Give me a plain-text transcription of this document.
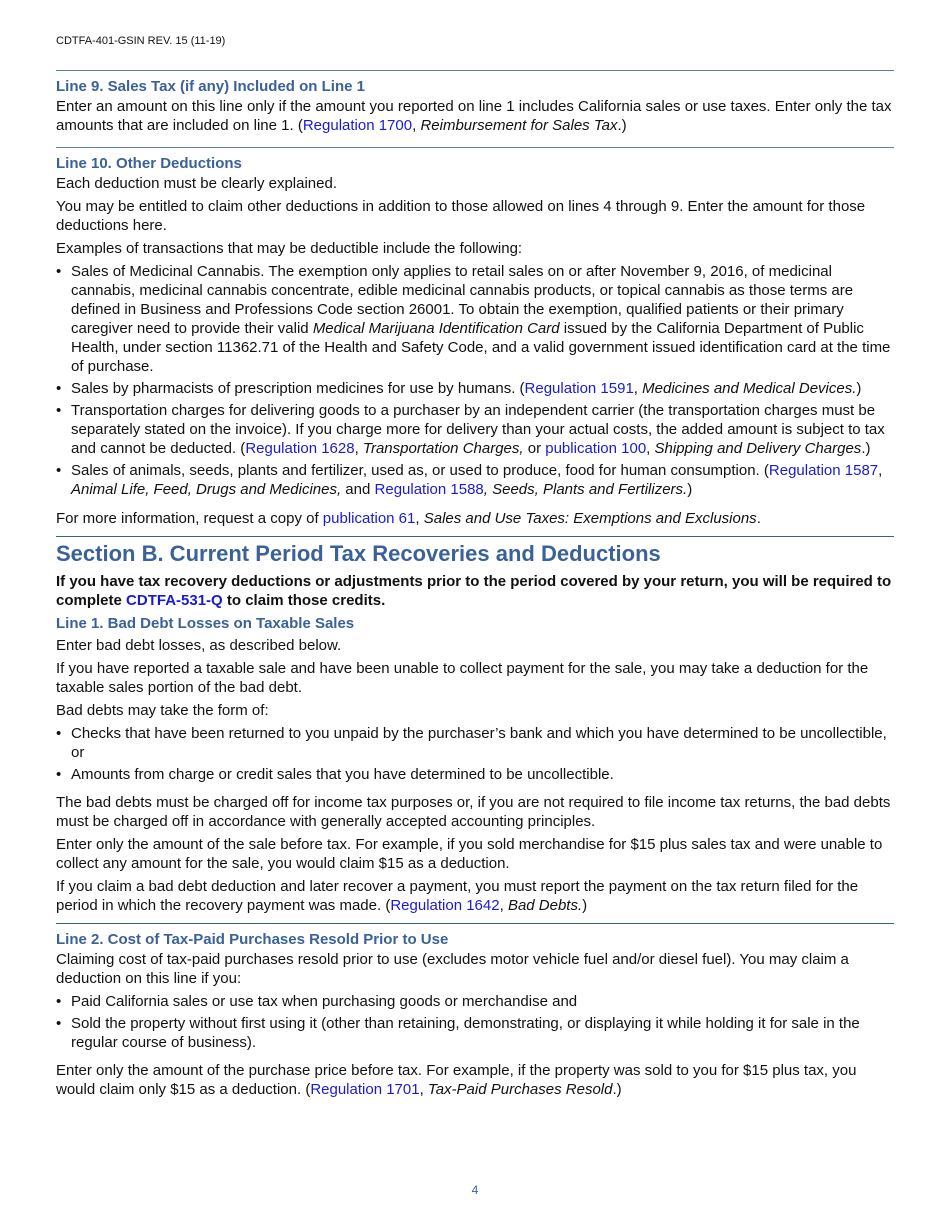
CDTFA-401-GSIN REV. 15 (11-19)
Line 9. Sales Tax (if any) Included on Line 1

Enter an amount on this line only if the amount you reported on line 1 includes California sales or use taxes. Enter only the tax amounts that are included on line 1. (Regulation 1700, Reimbursement for Sales Tax.)

Line 10. Other Deductions

Each deduction must be clearly explained.

You may be entitled to claim other deductions in addition to those allowed on lines 4 through 9. Enter the amount for those deductions here.

Examples of transactions that may be deductible include the following:

• Sales of Medicinal Cannabis. The exemption only applies to retail sales on or after November 9, 2016, of medicinal cannabis, medicinal cannabis concentrate, edible medicinal cannabis products, or topical cannabis as those terms are defined in Business and Professions Code section 26001. To obtain the exemption, qualified patients or their primary caregiver need to provide their valid Medical Marijuana Identification Card issued by the California Department of Public Health, under section 11362.71 of the Health and Safety Code, and a valid government issued identification card at the time of purchase.
• Sales by pharmacists of prescription medicines for use by humans. (Regulation 1591, Medicines and Medical Devices.)
• Transportation charges for delivering goods to a purchaser by an independent carrier (the transportation charges must be separately stated on the invoice). If you charge more for delivery than your actual costs, the added amount is subject to tax and cannot be deducted. (Regulation 1628, Transportation Charges, or publication 100, Shipping and Delivery Charges.)
• Sales of animals, seeds, plants and fertilizer, used as, or used to produce, food for human consumption. (Regulation 1587, Animal Life, Feed, Drugs and Medicines, and Regulation 1588, Seeds, Plants and Fertilizers.)

For more information, request a copy of publication 61, Sales and Use Taxes: Exemptions and Exclusions.

Section B. Current Period Tax Recoveries and Deductions

If you have tax recovery deductions or adjustments prior to the period covered by your return, you will be required to complete CDTFA-531-Q to claim those credits.

Line 1. Bad Debt Losses on Taxable Sales

Enter bad debt losses, as described below.

If you have reported a taxable sale and have been unable to collect payment for the sale, you may take a deduction for the taxable sales portion of the bad debt.

Bad debts may take the form of:

• Checks that have been returned to you unpaid by the purchaser’s bank and which you have determined to be uncollectible, or
• Amounts from charge or credit sales that you have determined to be uncollectible.

The bad debts must be charged off for income tax purposes or, if you are not required to file income tax returns, the bad debts must be charged off in accordance with generally accepted accounting principles.

Enter only the amount of the sale before tax. For example, if you sold merchandise for $15 plus sales tax and were unable to collect any amount for the sale, you would claim $15 as a deduction.

If you claim a bad debt deduction and later recover a payment, you must report the payment on the tax return filed for the period in which the recovery payment was made. (Regulation 1642, Bad Debts.)

Line 2. Cost of Tax-Paid Purchases Resold Prior to Use

Claiming cost of tax-paid purchases resold prior to use (excludes motor vehicle fuel and/or diesel fuel). You may claim a deduction on this line if you:

• Paid California sales or use tax when purchasing goods or merchandise and
• Sold the property without first using it (other than retaining, demonstrating, or displaying it while holding it for sale in the regular course of business).

Enter only the amount of the purchase price before tax. For example, if the property was sold to you for $15 plus tax, you would claim only $15 as a deduction. (Regulation 1701, Tax-Paid Purchases Resold.)

4
